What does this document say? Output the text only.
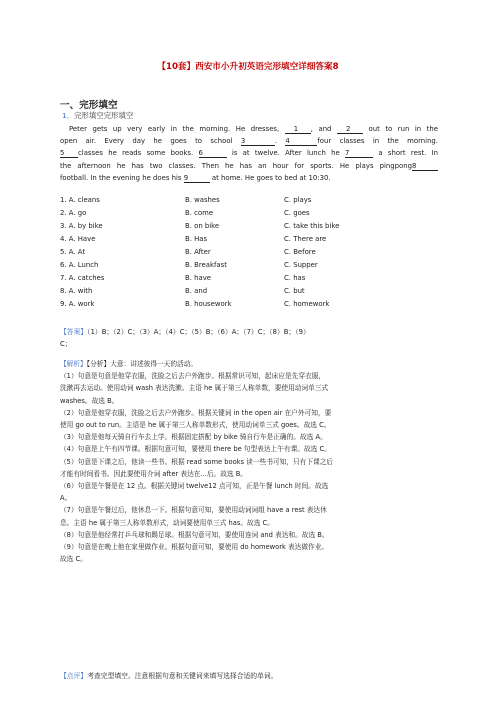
【10套】西安市小升初英语完形填空详细答案8
一、完形填空
1．完形填空完形填空
Peter gets up very early in the morning. He dresses, 1 , and 2 out to run in the
open air. Every day he goes to school 3	. 4	four classes in the morning.
5 classes he reads some books. 6	is at twelve. After lunch he 7	a short rest. In
the afternoon he has two classes. Then he has an hour for sports. He plays pingpong8
football. In the evening he does his 9	at home. He goes to bed at 10:30.
1. A. cleans	B. washes	C. plays
2. A. go	B. come	C. goes
3. A. by bike	B. on bike	C. take this bike
4. A. Have	B. Has	C. There are
5. A. At	B. After	C. Before
6. A. Lunch	B. Breakfast	C. Supper
7. A. catches	B. have	C. has
8. A. with	B. and	C. but
9. A. work	B. housework	C. homework
【答案】（1）B；（2）C；（3）A；（4）C；（5）B；（6）A；（7）C；（8）B；（9）
C；
【解析】【分析】大意：讲述彼得一天的活动。
（1）句意是句意是他穿衣服，洗脸之后去户外跑步。根据常识可知，起床应是先穿衣服，
洗漱再去运动。使用动词 wash 表达洗漱。主语 he 属于第三人称单数，要使用动词单三式
washes。故选 B。
（2）句意是他穿衣服，洗脸之后去户外跑步。根据关键词 in the open air 在户外可知，要
使用 go out to run。主语是 he 属于第三人称单数形式，使用动词单三式 goes。故选 C。
（3）句意是他每天骑自行车去上学。根据固定搭配 by bike 骑自行车是正确的。故选 A。
（4）句意是上午有四节课。根据句意可知，要使用 there be 句型表达上午有课。故选 C。
（5）句意是下课之后，他读一些书。根据 read some books 读一些书可知，只有下课之后
才能有时间看书。因此要使用介词 after 表达在...后。故选 B。
（6）句意是午餐是在 12 点。根据关键词 twelve12 点可知，正是午餐 lunch 时间。故选
A。
（7）句意是午餐过后，他休息一下。根据句意可知，要使用动词词组 have a rest 表达休
息。主语 he 属于第三人称单数形式，动词要使用单三式 has。故选 C。
（8）句意是他经常打乒乓球和踢足球。根据句意可知，要使用连词 and 表达和。故选 B。
（9）句意是在晚上他在家里做作业。根据句意可知，要使用 do homework 表达做作业。
故选 C。
【点评】考查完型填空。注意根据句意和关键词来填写选择合适的单词。
